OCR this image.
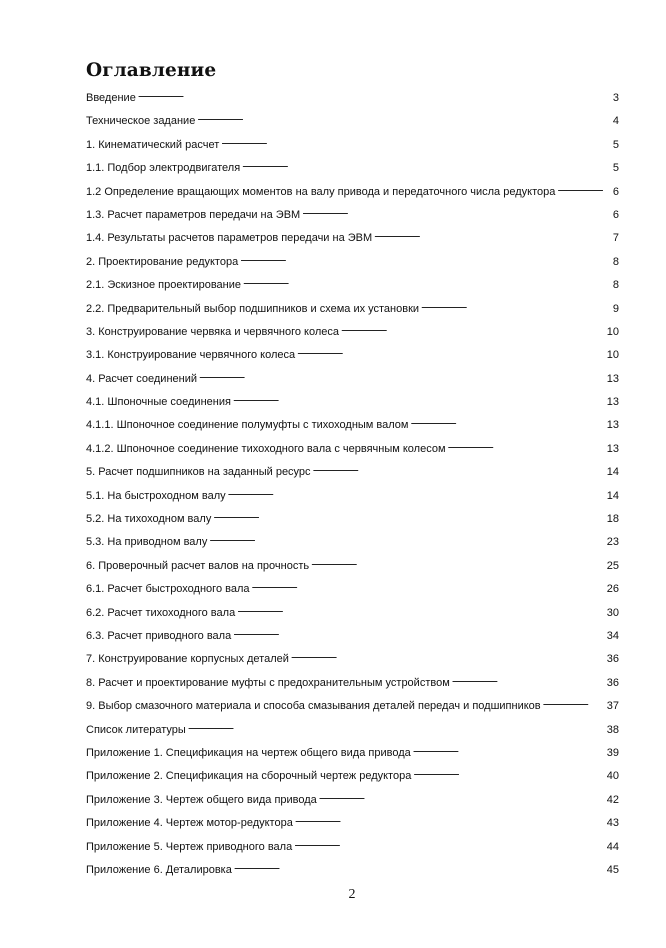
Оглавление
Введение . . .	3
Техническое задание . . .	4
1. Кинематический расчет . . .	5
1.1. Подбор электродвигателя . . .	5
1.2 Определение вращающих моментов на валу привода и передаточного числа редуктора . . .	6
1.3. Расчет параметров передачи на ЭВМ . . .	6
1.4. Результаты расчетов параметров передачи на ЭВМ . . .	7
2. Проектирование редуктора . . .	8
2.1. Эскизное проектирование . . .	8
2.2. Предварительный выбор подшипников и схема их установки . . .	9
3. Конструирование червяка и червячного колеса . . .	10
3.1. Конструирование червячного колеса . . .	10
4. Расчет соединений . . .	13
4.1. Шпоночные соединения . . .	13
4.1.1. Шпоночное соединение полумуфты с тихоходным валом . . .	13
4.1.2. Шпоночное соединение тихоходного вала с червячным колесом . . .	13
5. Расчет подшипников на заданный ресурс . . .	14
5.1. На быстроходном валу . . .	14
5.2. На тихоходном валу . . .	18
5.3. На приводном валу . . .	23
6. Проверочный расчет валов на прочность . . .	25
6.1. Расчет быстроходного вала . . .	26
6.2. Расчет тихоходного вала . . .	30
6.3. Расчет приводного вала . . .	34
7. Конструирование корпусных деталей . . .	36
8. Расчет и проектирование муфты с предохранительным устройством . . .	36
9. Выбор смазочного материала и способа смазывания деталей передач и подшипников . . .	37
Список литературы . . .	38
Приложение 1. Спецификация на чертеж общего вида привода . . .	39
Приложение 2. Спецификация на сборочный чертеж редуктора . . .	40
Приложение 3. Чертеж общего вида привода . . .	42
Приложение 4. Чертеж мотор-редуктора . . .	43
Приложение 5. Чертеж приводного вала . . .	44
Приложение 6. Деталировка . . .	45
2
